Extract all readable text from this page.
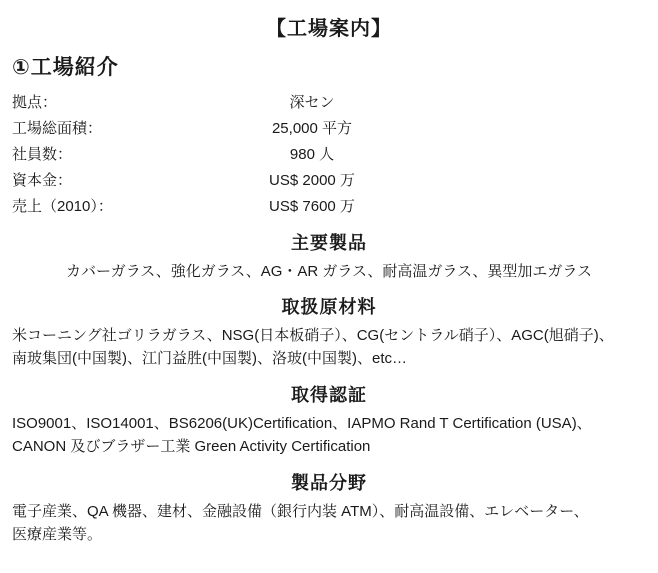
【工場案内】
①工場紹介
拠点：	深セン
工場総面積：	25,000 平方
社員数：	980 人
資本金：	US$ 2000 万
売上（2010）：	US$ 7600 万
主要製品
カバーガラス、強化ガラス、AG・AR ガラス、耐高温ガラス、異型加エガラス
取扱原材料
米コーニング社ゴリラガラス、NSG(日本板硝子）、CG(セントラル硝子）、AGC(旭硝子)、
南玻集団(中国製)、江门益胜(中国製)、洛玻(中国製)、etc…
取得認証
ISO9001、ISO14001、BS6206(UK)Certification、IAPMO Rand T Certification (USA)、
CANON 及びブラザー工業 Green Activity Certification
製品分野
電子産業、QA 機器、建材、金融設備（銀行内装 ATM）、耐高温設備、エレベーター、
医療産業等。
